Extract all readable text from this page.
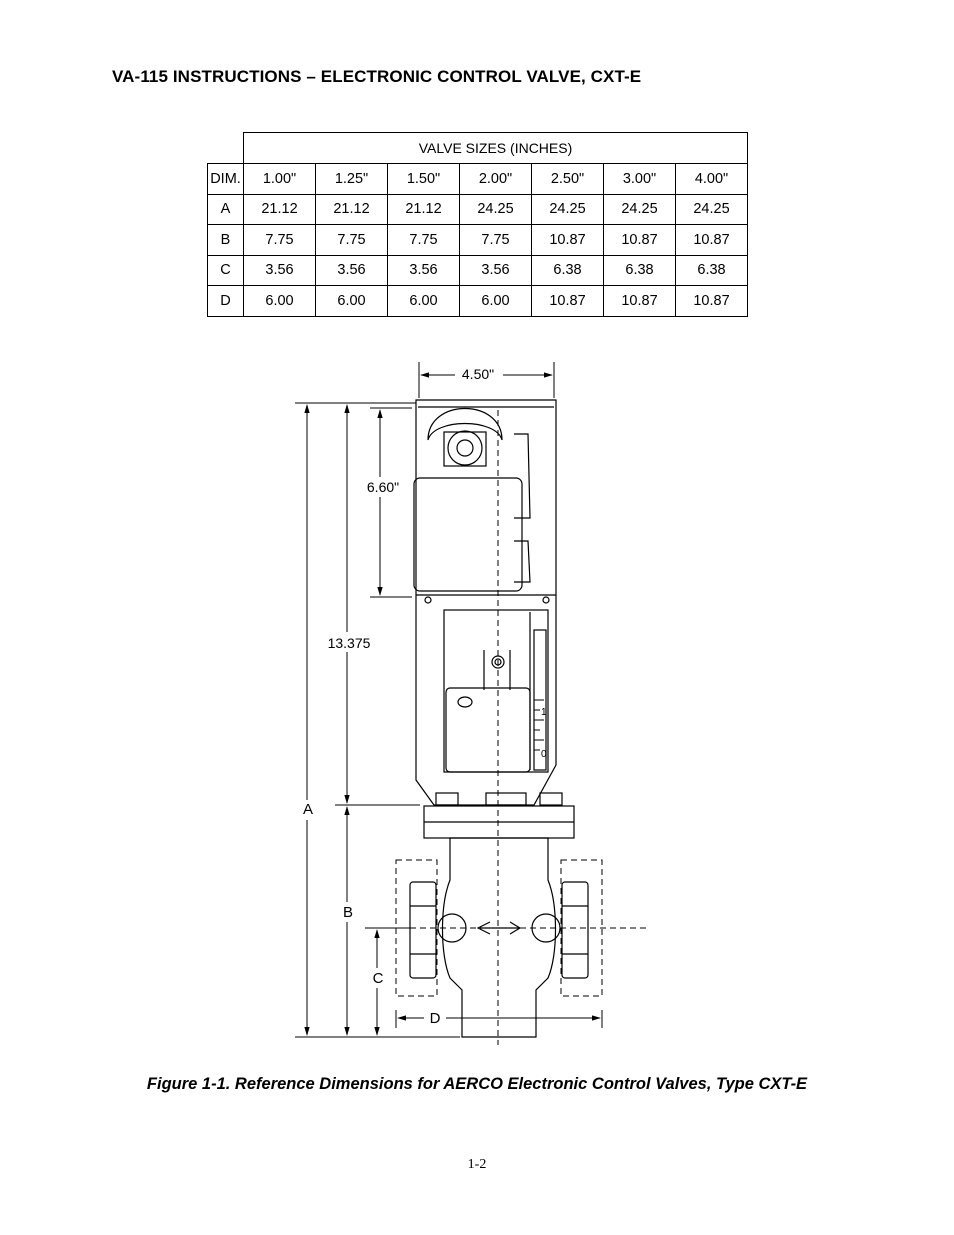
VA-115 INSTRUCTIONS – ELECTRONIC CONTROL VALVE, CXT-E
	VALVE SIZES (INCHES)						
DIM.	1.00"	1.25"	1.50"	2.00"	2.50"	3.00"	4.00"
A	21.12	21.12	21.12	24.25	24.25	24.25	24.25
B	7.75	7.75	7.75	7.75	10.87	10.87	10.87
C	3.56	3.56	3.56	3.56	6.38	6.38	6.38
D	6.00	6.00	6.00	6.00	10.87	10.87	10.87
4.50"
6.60"
13.375
A
B
C
D
1
0
Figure 1-1. Reference Dimensions for AERCO Electronic Control Valves, Type CXT-E
1-2
